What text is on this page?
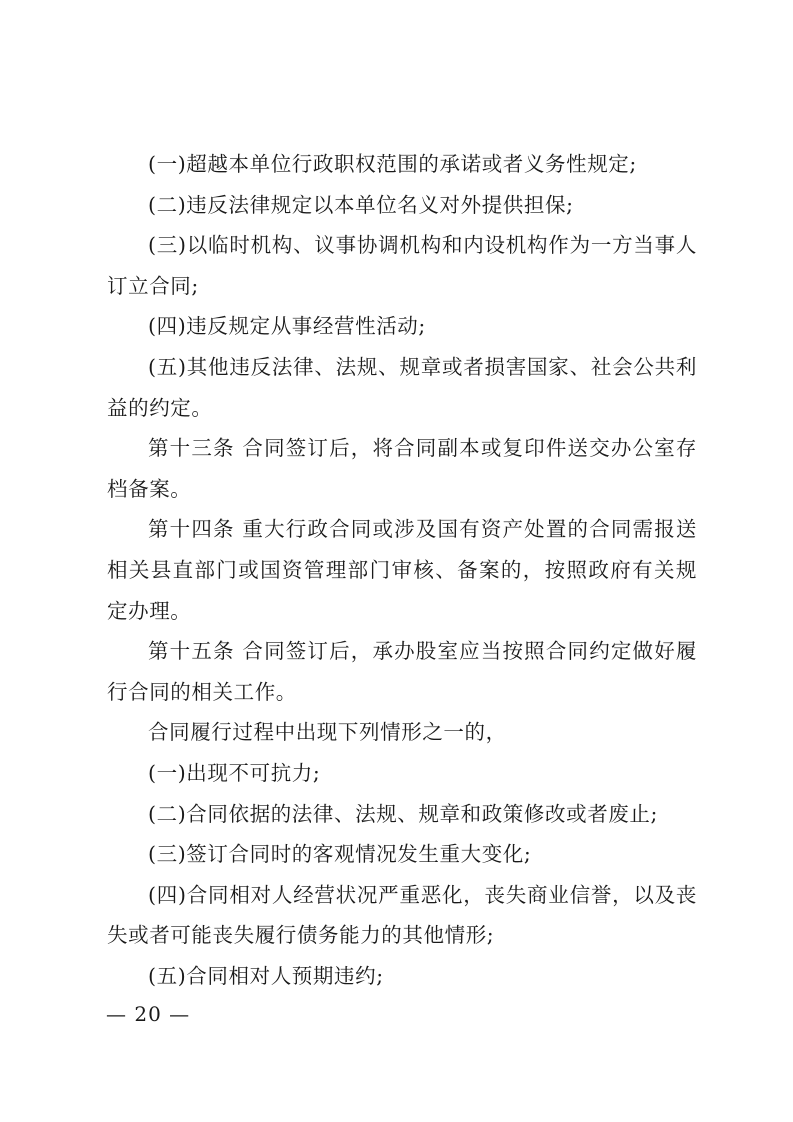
(一)超越本单位行政职权范围的承诺或者义务性规定;

(二)违反法律规定以本单位名义对外提供担保;

(三)以临时机构、议事协调机构和内设机构作为一方当事人订立合同;

(四)违反规定从事经营性活动;

(五)其他违反法律、法规、规章或者损害国家、社会公共利益的约定。

第十三条 合同签订后，将合同副本或复印件送交办公室存档备案。

第十四条 重大行政合同或涉及国有资产处置的合同需报送相关县直部门或国资管理部门审核、备案的，按照政府有关规定办理。

第十五条 合同签订后，承办股室应当按照合同约定做好履行合同的相关工作。

合同履行过程中出现下列情形之一的，

(一)出现不可抗力;

(二)合同依据的法律、法规、规章和政策修改或者废止;

(三)签订合同时的客观情况发生重大变化;

(四)合同相对人经营状况严重恶化，丧失商业信誉，以及丧失或者可能丧失履行债务能力的其他情形;

(五)合同相对人预期违约;

— 20 —
